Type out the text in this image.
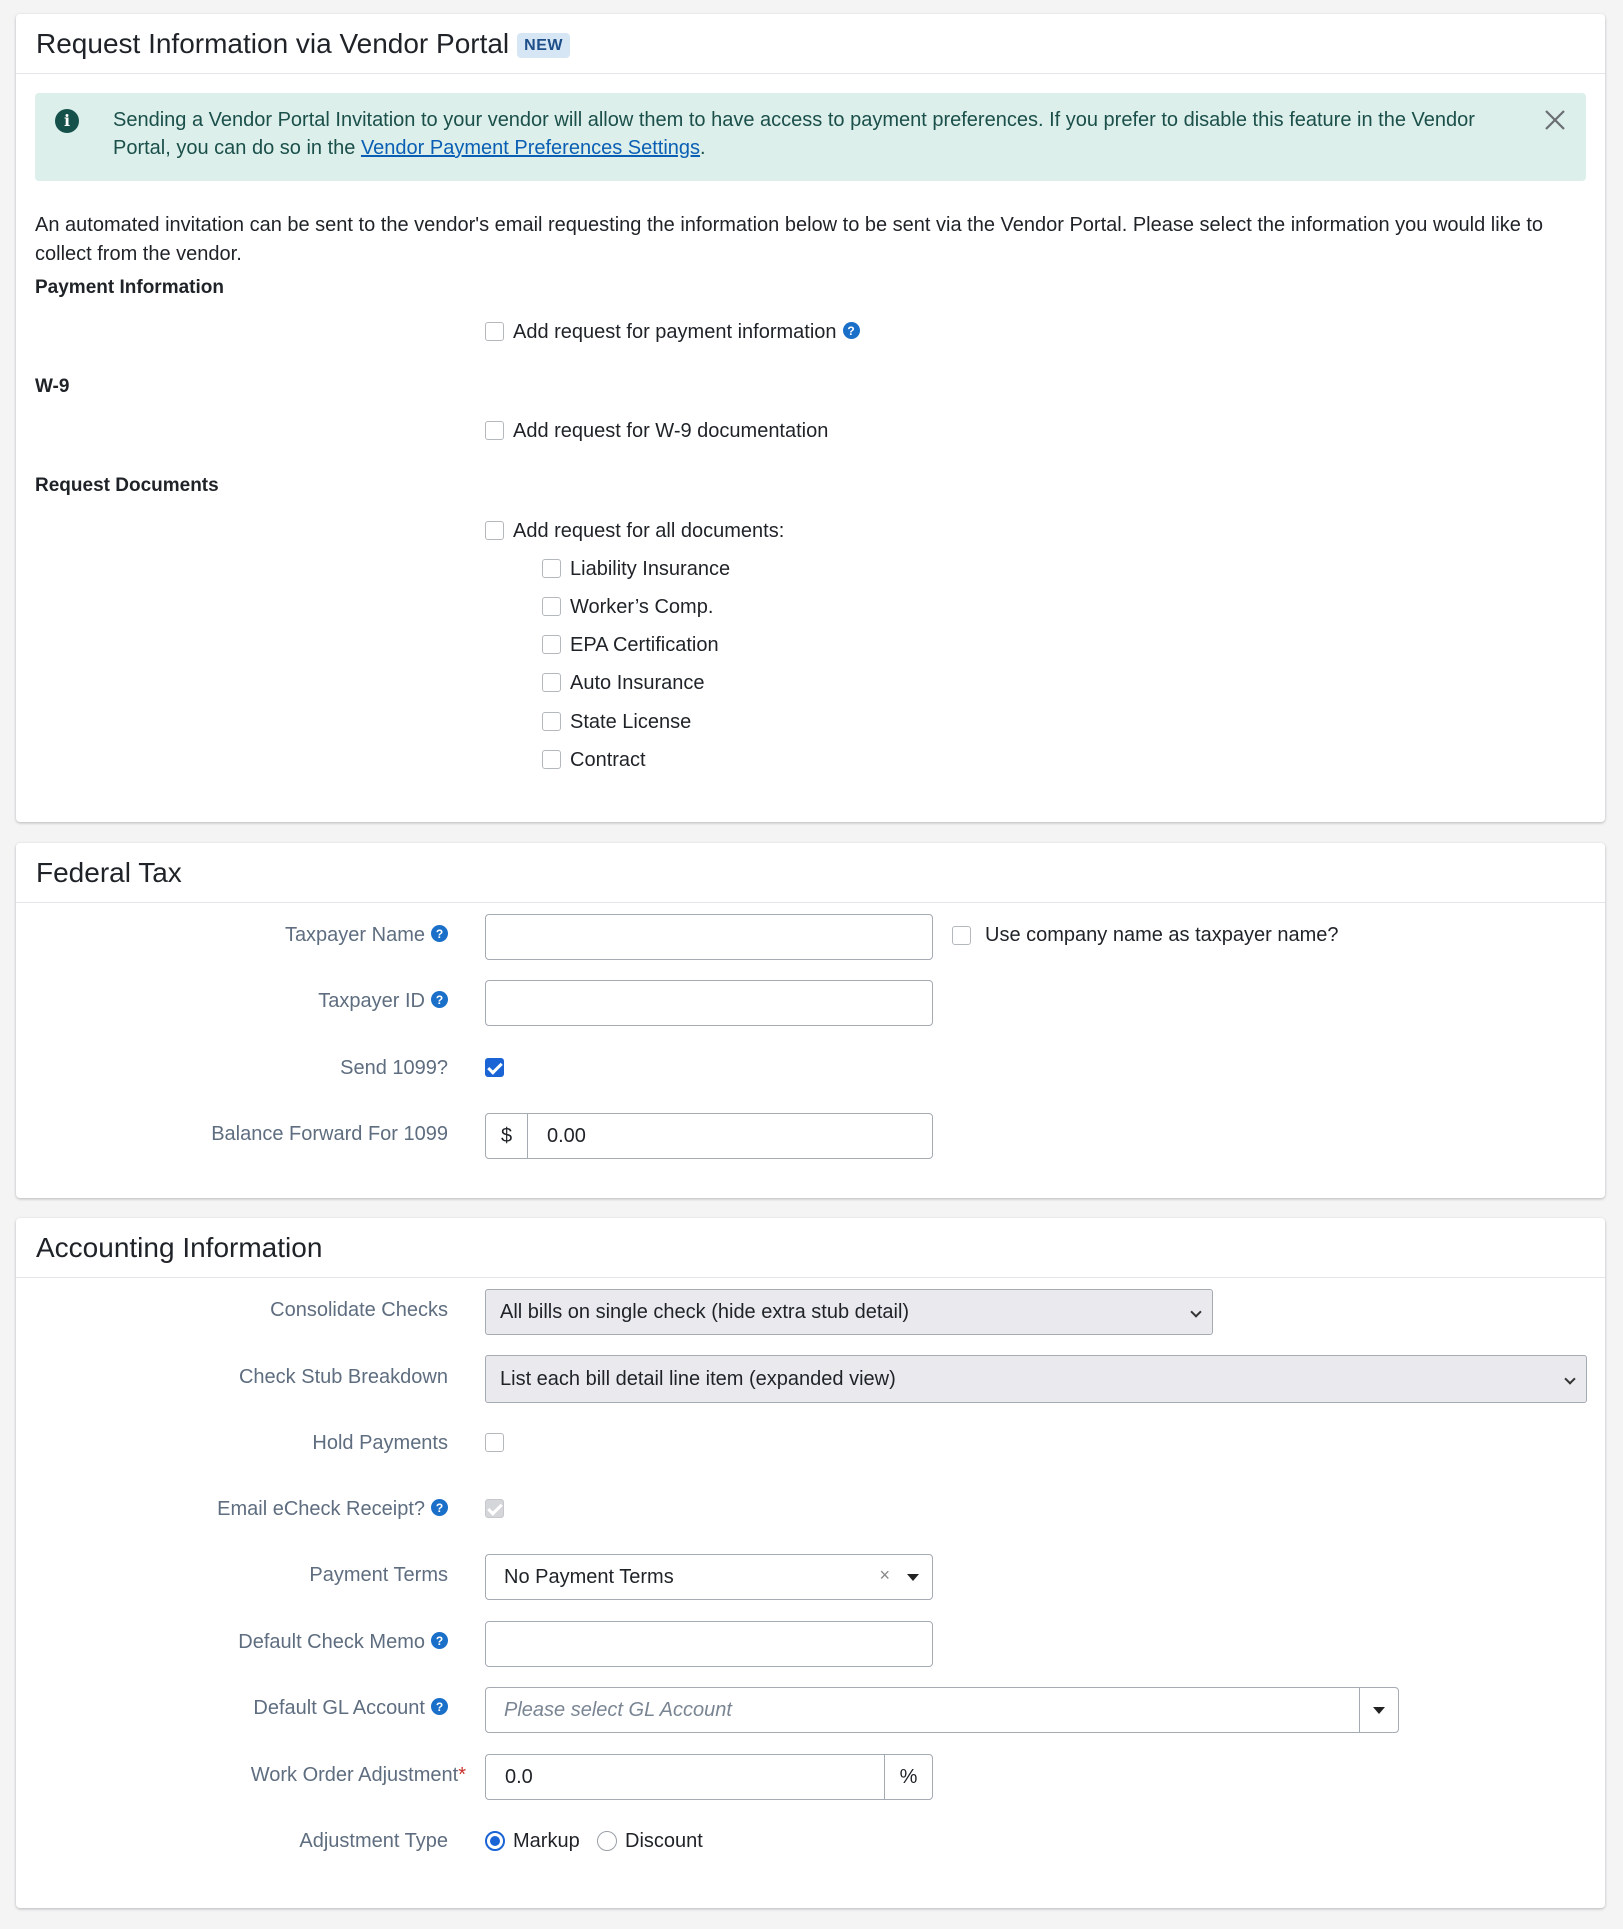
Request Information via Vendor Portal NEW
i	Sending a Vendor Portal Invitation to your vendor will allow them to have access to payment preferences. If you prefer to disable this feature in the Vendor Portal, you can do so in the Vendor Payment Preferences Settings.
An automated invitation can be sent to the vendor's email requesting the information below to be sent via the Vendor Portal. Please select the information you would like to collect from the vendor.
Payment Information
Add request for payment information ?
W-9
Add request for W-9 documentation
Request Documents
Add request for all documents:
Liability Insurance
Worker’s Comp.
EPA Certification
Auto Insurance
State License
Contract
Federal Tax
Taxpayer Name ?	Use company name as taxpayer name?
Taxpayer ID ?
Send 1099?
Balance Forward For 1099	$	0.00
Accounting Information
Consolidate Checks	All bills on single check (hide extra stub detail)
Check Stub Breakdown	List each bill detail line item (expanded view)
Hold Payments
Email eCheck Receipt? ?
Payment Terms	No Payment Terms	×
Default Check Memo ?
Default GL Account ?	Please select GL Account
Work Order Adjustment*	0.0	%
Adjustment Type	Markup Discount
